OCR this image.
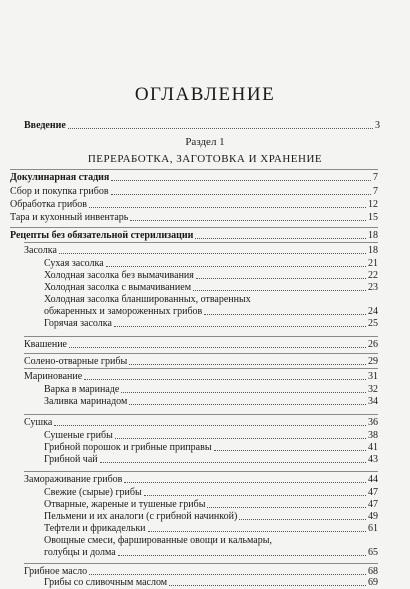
ОГЛАВЛЕНИЕ
Введение	3
Раздел 1
ПЕРЕРАБОТКА, ЗАГОТОВКА И ХРАНЕНИЕ
Докулинарная стадия	7
Сбор и покупка грибов	7
Обработка грибов	12
Тара и кухонный инвентарь	15
Рецепты без обязательной стерилизации	18
Засолка	18
Сухая засолка	21
Холодная засолка без вымачивания	22
Холодная засолка с вымачиванием	23
Холодная засолка бланшированных, отваренных
обжаренных и замороженных грибов	24
Горячая засолка	25
Квашение	26
Солено-отварные грибы	29
Маринование	31
Варка в маринаде	32
Заливка маринадом	34
Сушка	36
Сушеные грибы	38
Грибной порошок и грибные приправы	41
Грибной чай	43
Замораживание грибов	44
Свежие (сырые) грибы	47
Отварные, жареные и тушеные грибы	47
Пельмени и их аналоги (с грибной начинкой)	49
Тефтели и фрикадельки	61
Овощные смеси, фаршированные овощи и кальмары,
голубцы и долма	65
Грибное масло	68
Грибы со сливочным маслом	69
